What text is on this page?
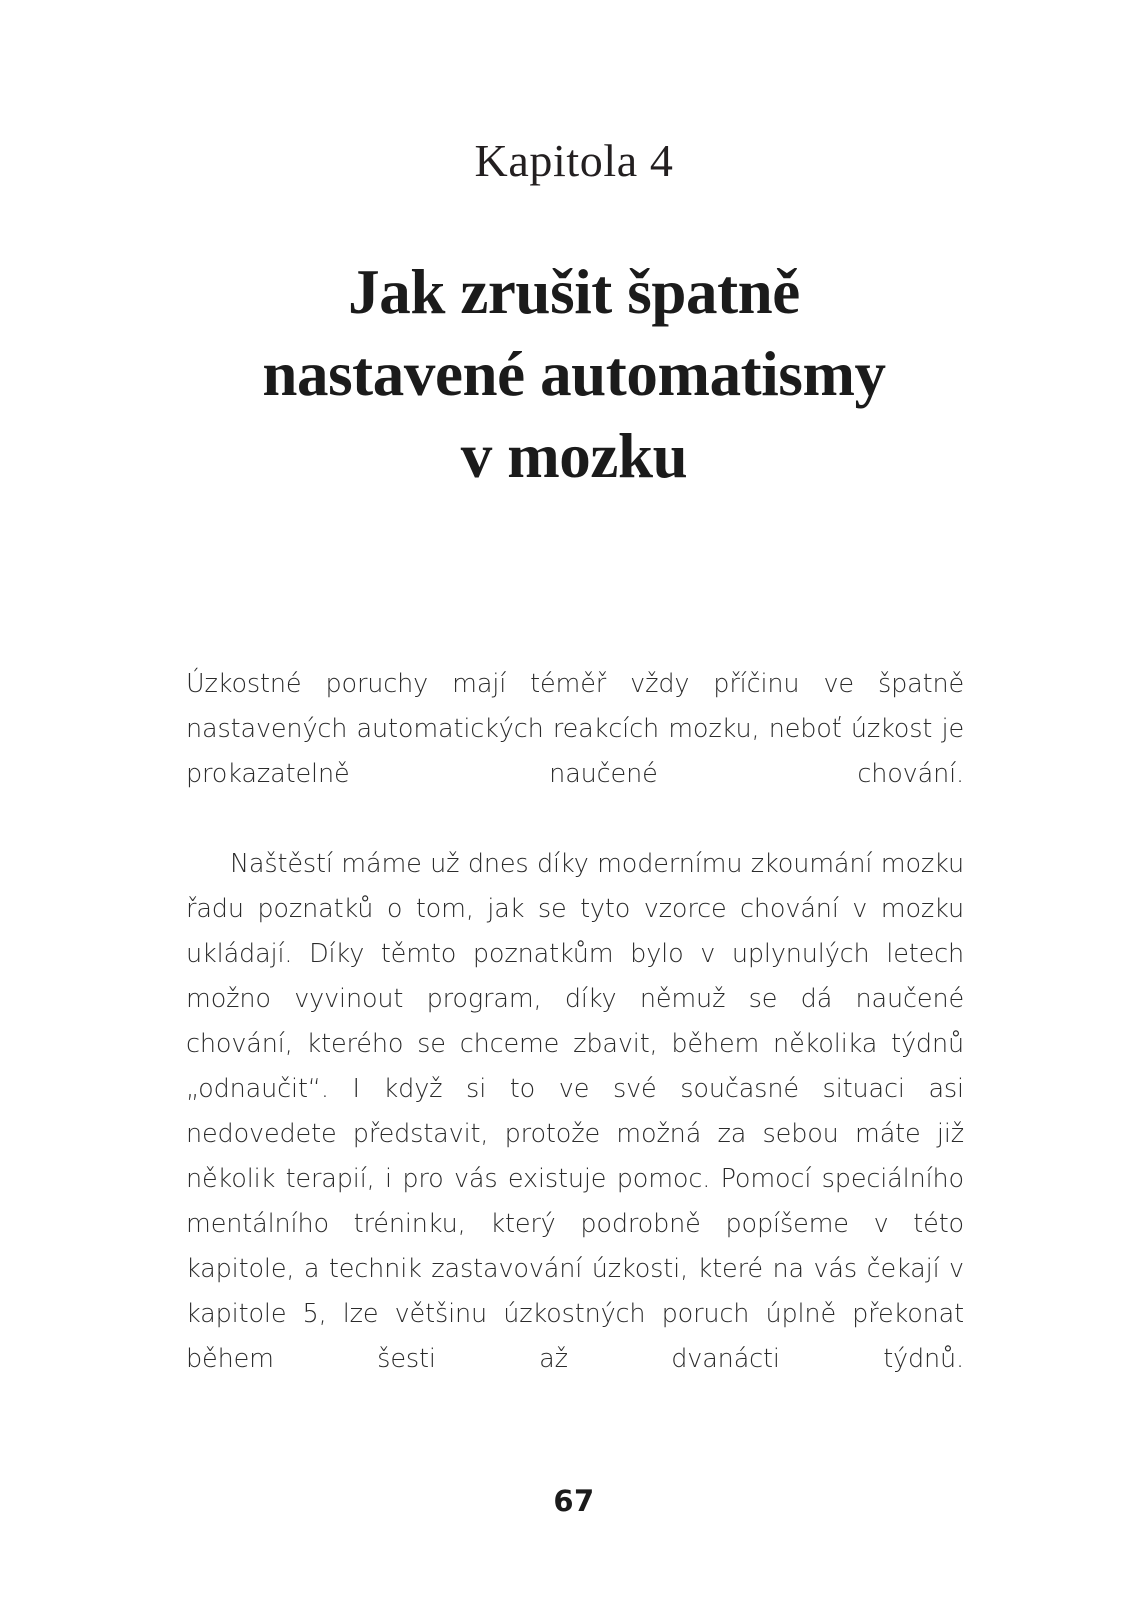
Kapitola 4
Jak zrušit špatně
nastavené automatismy
v mozku

Úzkostné poruchy mají téměř vždy příčinu ve špatně nastavených automatických reakcích mozku, neboť úzkost je prokazatelně naučené chování.

Naštěstí máme už dnes díky modernímu zkoumání mozku řadu poznatků o tom, jak se tyto vzorce chování v mozku ukládají. Díky těmto poznatkům bylo v uplynulých letech možno vyvinout program, díky němuž se dá naučené chování, kterého se chceme zbavit, během několika týdnů „odnaučit“. I když si to ve své současné situaci asi nedovedete představit, protože možná za sebou máte již několik terapií, i pro vás existuje pomoc. Pomocí speciálního mentálního tréninku, který podrobně popíšeme v této kapitole, a technik zastavování úzkosti, které na vás čekají v kapitole 5, lze většinu úzkostných poruch úplně překonat během šesti až dvanácti týdnů.

67
